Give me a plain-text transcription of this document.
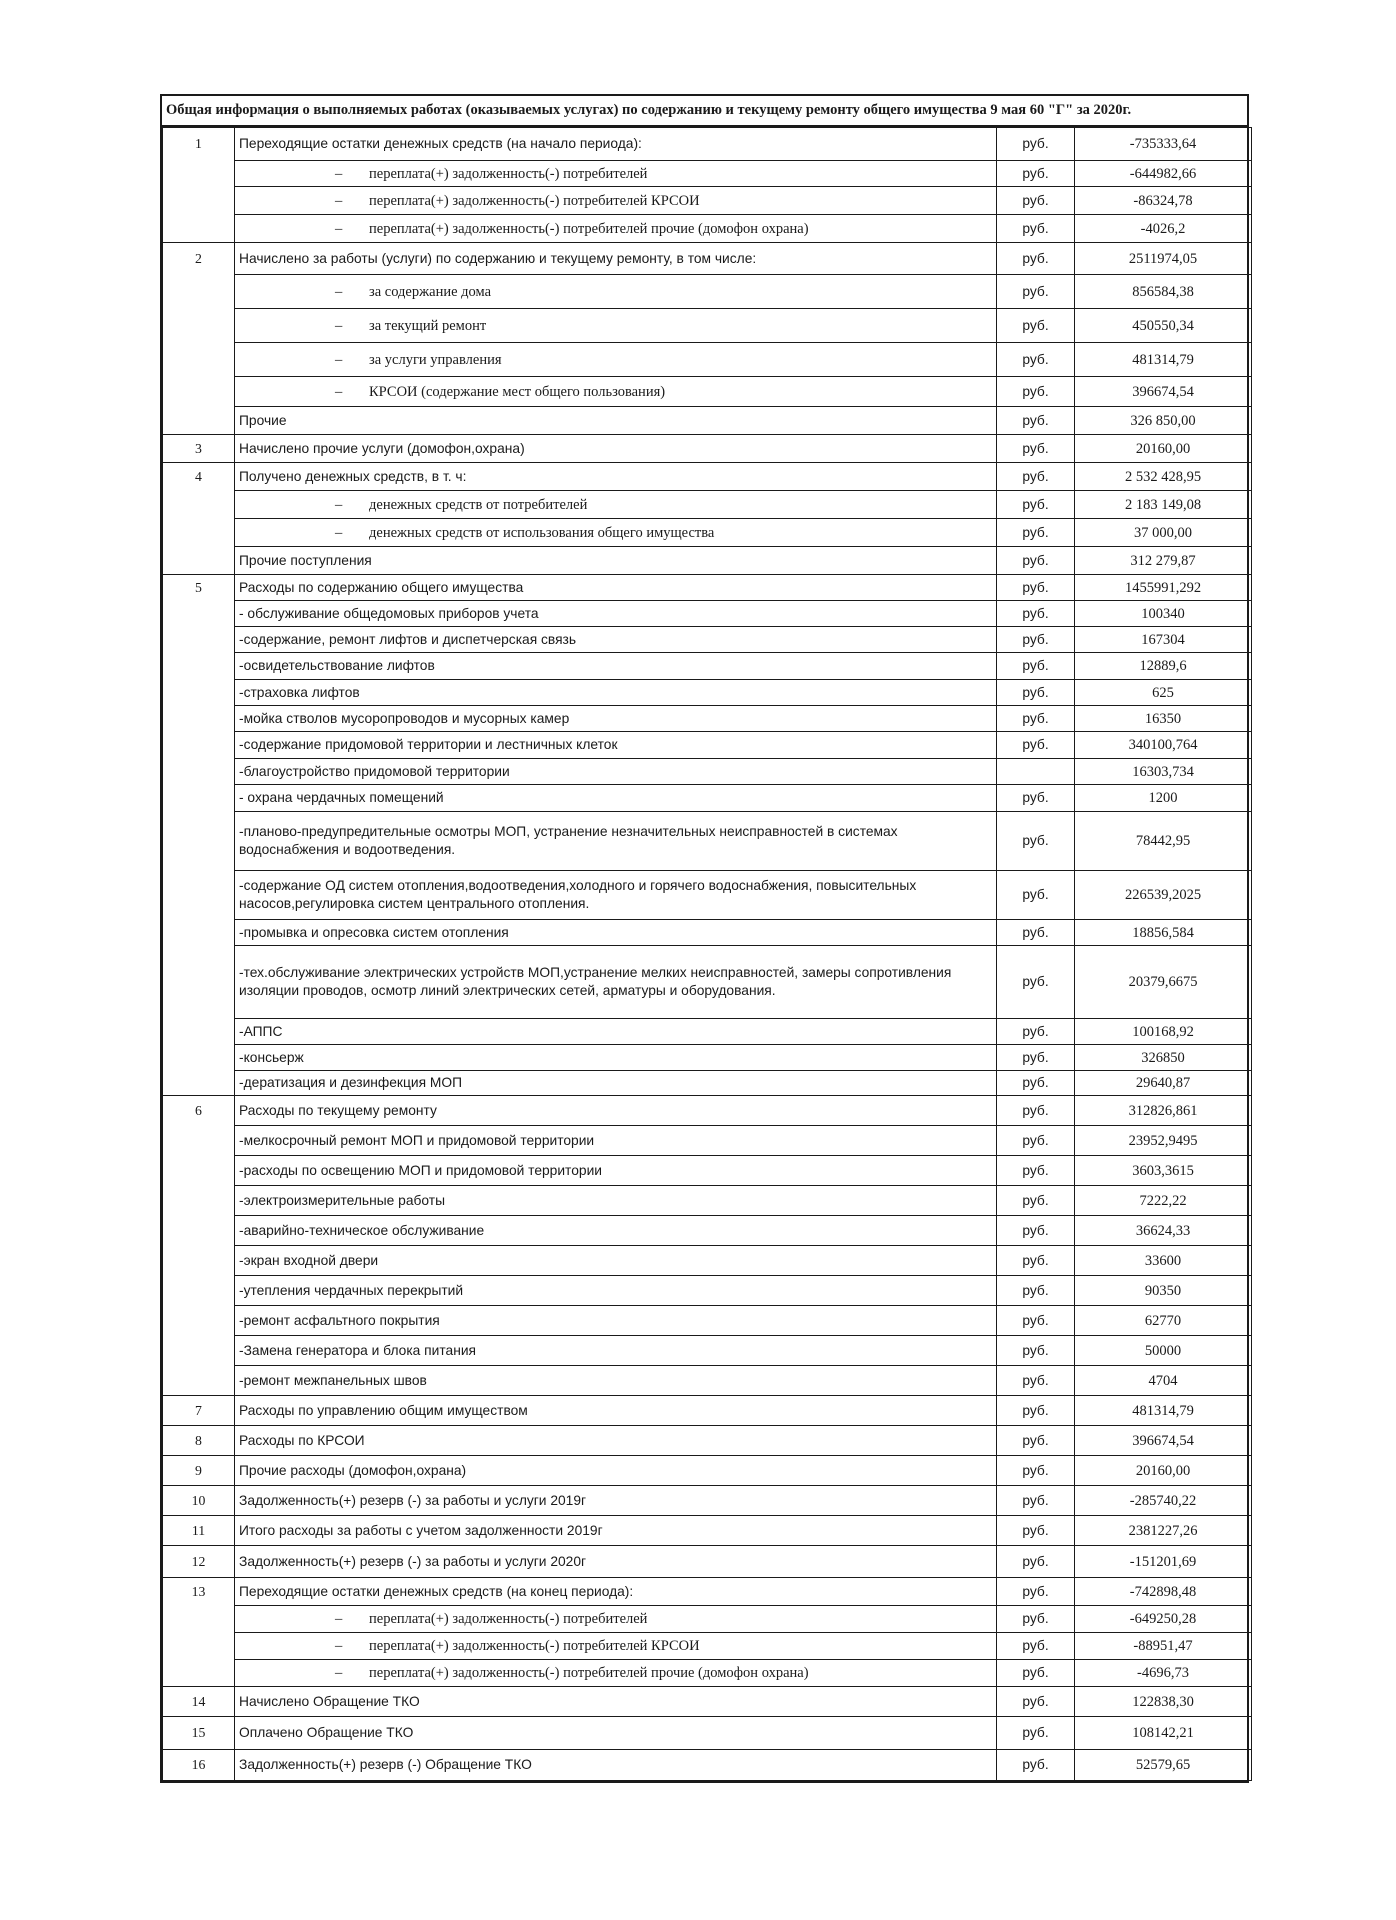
Общая информация о выполняемых работах (оказываемых услугах) по содержанию и текущему ремонту общего имущества 9 мая 60 "Г" за 2020г.
1	Переходящие остатки денежных средств (на начало периода):	руб.	-735333,64
	– переплата(+) задолженность(-) потребителей	руб.	-644982,66
	– переплата(+) задолженность(-) потребителей КРСОИ	руб.	-86324,78
	– переплата(+) задолженность(-) потребителей прочие (домофон охрана)	руб.	-4026,2
2	Начислено за работы (услуги) по содержанию и текущему ремонту, в том числе:	руб.	2511974,05
	– за содержание дома	руб.	856584,38
	– за текущий ремонт	руб.	450550,34
	– за услуги управления	руб.	481314,79
	– КРСОИ (содержание мест общего пользования)	руб.	396674,54
	Прочие	руб.	326 850,00
3	Начислено прочие услуги (домофон,охрана)	руб.	20160,00
4	Получено денежных средств, в т. ч:	руб.	2 532 428,95
	– денежных средств от потребителей	руб.	2 183 149,08
	– денежных средств от использования общего имущества	руб.	37 000,00
	Прочие поступления	руб.	312 279,87
5	Расходы по содержанию общего имущества	руб.	1455991,292
	- обслуживание общедомовых приборов учета	руб.	100340
	-содержание, ремонт лифтов и диспетчерская связь	руб.	167304
	-освидетельствование лифтов	руб.	12889,6
	-страховка лифтов	руб.	625
	-мойка стволов мусоропроводов и мусорных камер	руб.	16350
	-содержание придомовой территории и лестничных клеток	руб.	340100,764
	-благоустройство придомовой территории		16303,734
	- охрана чердачных помещений	руб.	1200
	-планово-предупредительные осмотры МОП, устранение незначительных неисправностей в системах водоснабжения и водоотведения.	руб.	78442,95
	-содержание ОД систем отопления,водоотведения,холодного и горячего водоснабжения, повысительных насосов,регулировка систем центрального отопления.	руб.	226539,2025
	-промывка и опресовка систем отопления	руб.	18856,584
	-тех.обслуживание электрических устройств МОП,устранение мелких неисправностей, замеры сопротивления изоляции проводов, осмотр линий электрических сетей, арматуры и оборудования.	руб.	20379,6675
	-АППС	руб.	100168,92
	-консьерж	руб.	326850
	-дератизация и дезинфекция МОП	руб.	29640,87
6	Расходы по текущему ремонту	руб.	312826,861
	-мелкосрочный ремонт МОП и придомовой территории	руб.	23952,9495
	-расходы по освещению МОП и придомовой территории	руб.	3603,3615
	-электроизмерительные работы	руб.	7222,22
	-аварийно-техническое обслуживание	руб.	36624,33
	-экран входной двери	руб.	33600
	-утепления чердачных перекрытий	руб.	90350
	-ремонт асфальтного покрытия	руб.	62770
	-Замена генератора и блока питания	руб.	50000
	-ремонт межпанельных швов	руб.	4704
7	Расходы по управлению общим имуществом	руб.	481314,79
8	Расходы по КРСОИ	руб.	396674,54
9	Прочие расходы (домофон,охрана)	руб.	20160,00
10	Задолженность(+) резерв (-) за работы и услуги 2019г	руб.	-285740,22
11	Итого расходы за работы с учетом задолженности 2019г	руб.	2381227,26
12	Задолженность(+) резерв (-) за работы и услуги 2020г	руб.	-151201,69
13	Переходящие остатки денежных средств (на конец периода):	руб.	-742898,48
	– переплата(+) задолженность(-) потребителей	руб.	-649250,28
	– переплата(+) задолженность(-) потребителей КРСОИ	руб.	-88951,47
	– переплата(+) задолженность(-) потребителей прочие (домофон охрана)	руб.	-4696,73
14	Начислено Обращение ТКО	руб.	122838,30
15	Оплачено Обращение ТКО	руб.	108142,21
16	Задолженность(+) резерв (-) Обращение ТКО	руб.	52579,65
